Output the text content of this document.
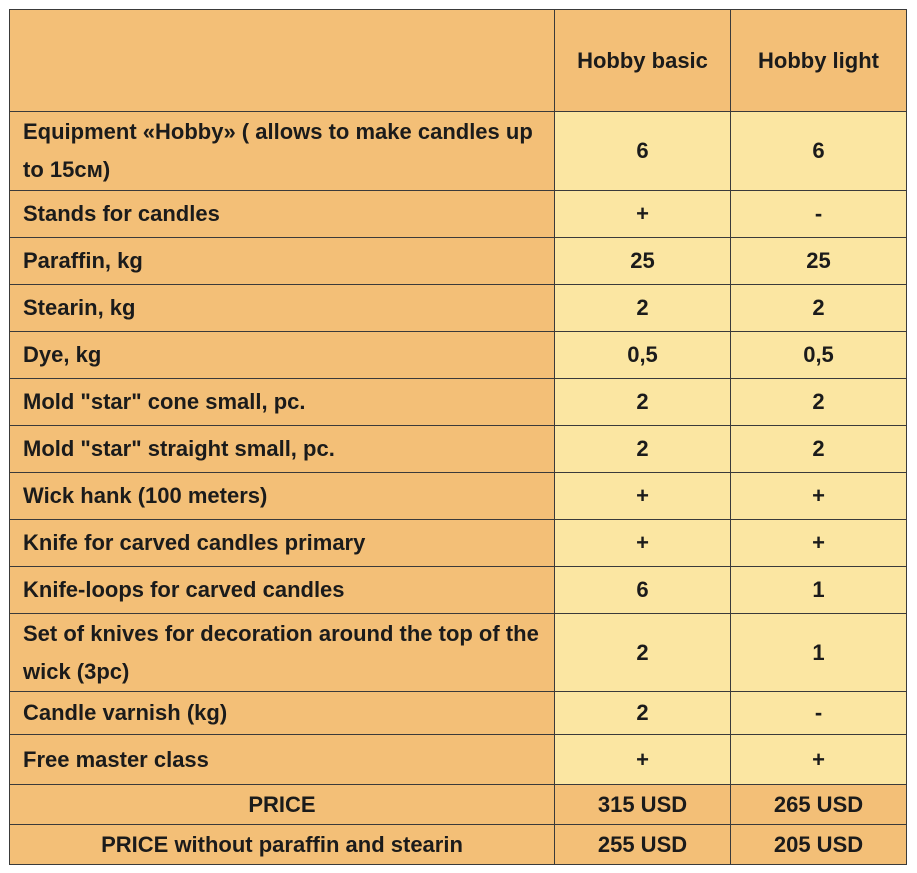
	Hobby basic	Hobby light
Equipment «Hobby» ( allows to make candles up to 15см)	6	6
Stands for candles	+	-
Paraffin, kg	25	25
Stearin, kg	2	2
Dye, kg	0,5	0,5
Mold "star" cone small, pc.	2	2
Mold "star" straight small, pc.	2	2
Wick hank (100 meters)	+	+
Knife for carved candles primary	+	+
Knife-loops for carved candles	6	1
Set of knives for decoration around the top of the wick (3pc)	2	1
Candle varnish (kg)	2	-
Free master class	+	+
PRICE	315 USD	265 USD
PRICE without paraffin and stearin	255 USD	205 USD
